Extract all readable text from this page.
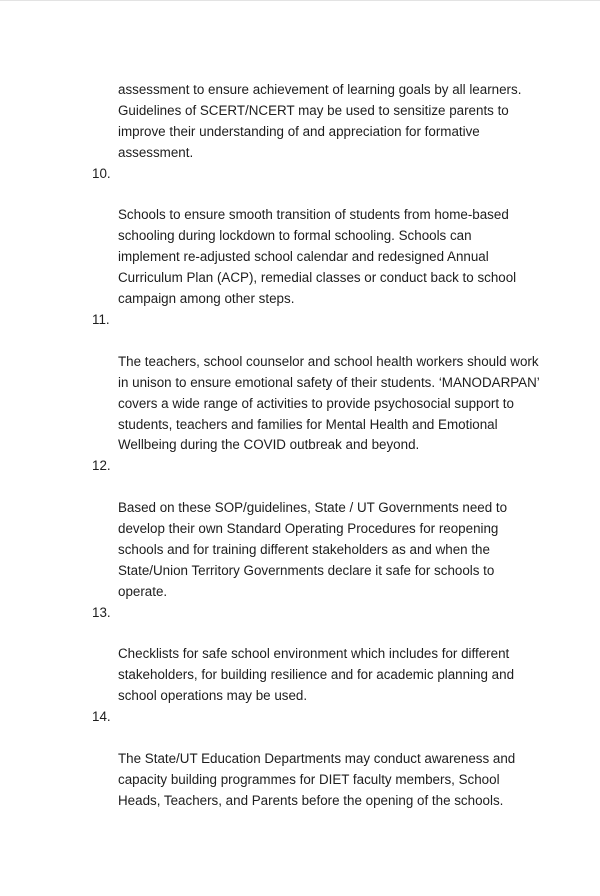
assessment to ensure achievement of learning goals by all learners.
Guidelines of SCERT/NCERT may be used to sensitize parents to
improve their understanding of and appreciation for formative
assessment.

10.

Schools to ensure smooth transition of students from home-based
schooling during lockdown to formal schooling. Schools can
implement re-adjusted school calendar and redesigned Annual
Curriculum Plan (ACP), remedial classes or conduct back to school
campaign among other steps.

11.

The teachers, school counselor and school health workers should work
in unison to ensure emotional safety of their students. ‘MANODARPAN’
covers a wide range of activities to provide psychosocial support to
students, teachers and families for Mental Health and Emotional
Wellbeing during the COVID outbreak and beyond.

12.

Based on these SOP/guidelines, State / UT Governments need to
develop their own Standard Operating Procedures for reopening
schools and for training different stakeholders as and when the
State/Union Territory Governments declare it safe for schools to
operate.

13.

Checklists for safe school environment which includes for different
stakeholders, for building resilience and for academic planning and
school operations may be used.

14.

The State/UT Education Departments may conduct awareness and
capacity building programmes for DIET faculty members, School
Heads, Teachers, and Parents before the opening of the schools.
